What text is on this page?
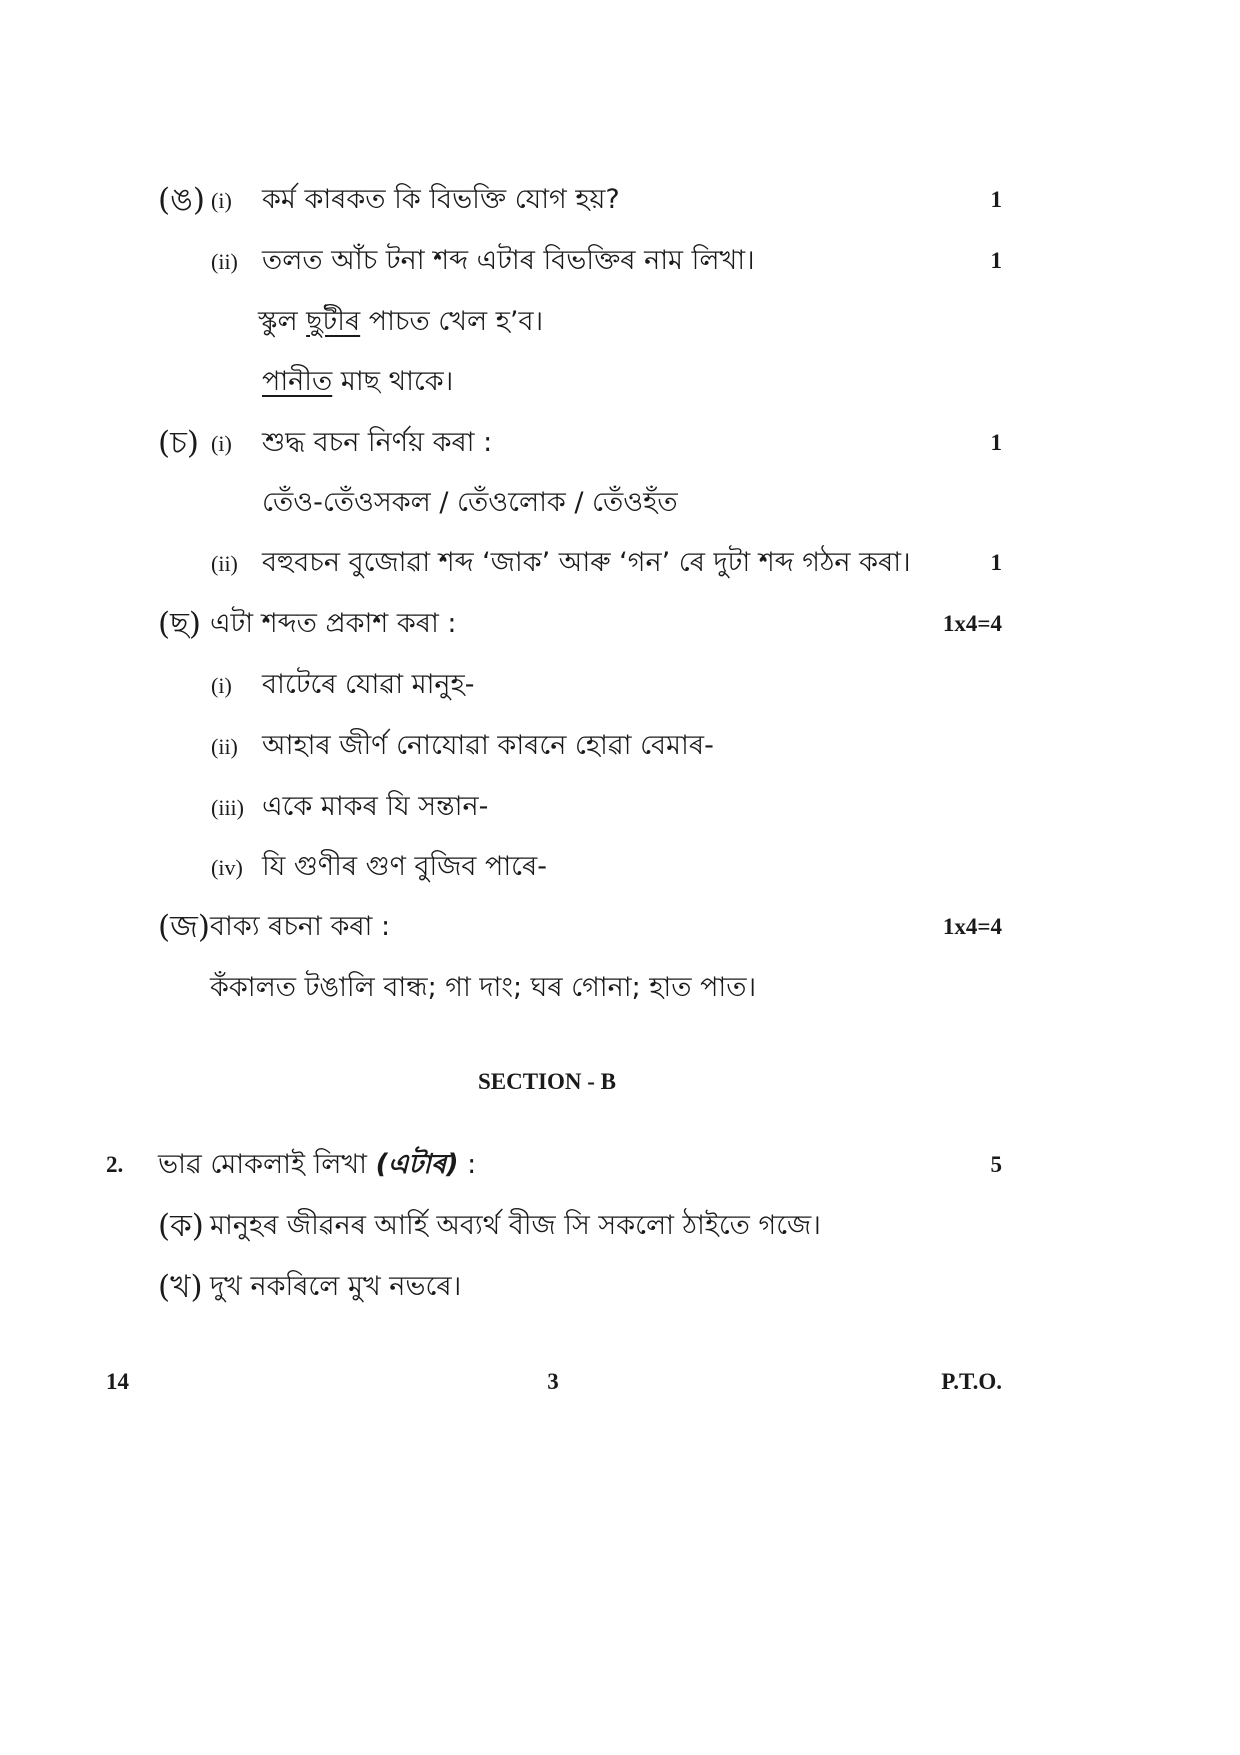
(ঙ) (i) কৰ্ম কাৰকত কি বিভক্তি যোগ হয়?	1
(ii) তলত আঁচ টনা শব্দ এটাৰ বিভক্তিৰ নাম লিখা।	1
স্কুল ছুটীৰ পাচত খেল হ’ব।
পানীত মাছ থাকে।
(চ) (i) শুদ্ধ বচন নিৰ্ণয় কৰা :	1
তেঁও-তেঁওসকল / তেঁওলোক / তেঁওহঁত
(ii) বহুবচন বুজোৱা শব্দ ‘জাক’ আৰু ‘গন’ ৰে দুটা শব্দ গঠন কৰা।	1
(ছ) এটা শব্দত প্ৰকাশ কৰা :	1x4=4
(i) বাটেৰে যোৱা মানুহ-
(ii) আহাৰ জীৰ্ণ নোযোৱা কাৰনে হোৱা বেমাৰ-
(iii) একে মাকৰ যি সন্তান-
(iv) যি গুণীৰ গুণ বুজিব পাৰে-
(জ) বাক্য ৰচনা কৰা :	1x4=4
কঁকালত টঙালি বান্ধ; গা দাং; ঘৰ গোনা; হাত পাত।
SECTION - B
2. ভাৱ মোকলাই লিখা (এটাৰ) :	5
(ক) মানুহৰ জীৱনৰ আৰ্হি অব্যৰ্থ বীজ সি সকলো ঠাইতে গজে।
(খ) দুখ নকৰিলে মুখ নভৰে।
14	3	P.T.O.
